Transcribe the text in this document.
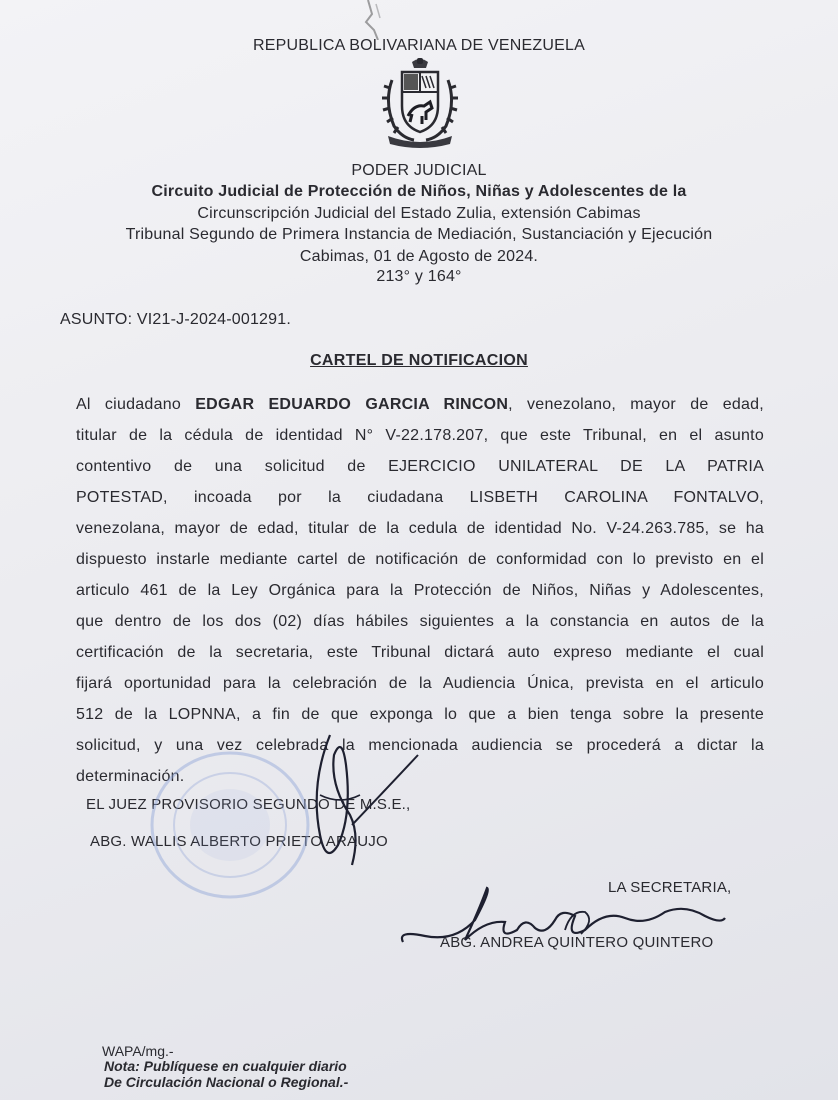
REPUBLICA BOLIVARIANA DE VENEZUELA
PODER JUDICIAL
Circuito Judicial de Protección de Niños, Niñas y Adolescentes de la
Circunscripción Judicial del Estado Zulia, extensión Cabimas
Tribunal Segundo de Primera Instancia de Mediación, Sustanciación y Ejecución
Cabimas, 01 de Agosto de 2024.
213° y 164°
ASUNTO: VI21-J-2024-001291.
CARTEL DE NOTIFICACION
Al ciudadano EDGAR EDUARDO GARCIA RINCON, venezolano, mayor de edad,
titular de la cédula de identidad N° V-22.178.207, que este Tribunal, en el asunto
contentivo de una solicitud de EJERCICIO UNILATERAL DE LA PATRIA
POTESTAD, incoada por la ciudadana LISBETH CAROLINA FONTALVO,
venezolana, mayor de edad, titular de la cedula de identidad No. V-24.263.785, se ha
dispuesto instarle mediante cartel de notificación de conformidad con lo previsto en el
articulo 461 de la Ley Orgánica para la Protección de Niños, Niñas y Adolescentes,
que dentro de los dos (02) días hábiles siguientes a la constancia en autos de la
certificación de la secretaria, este Tribunal dictará auto expreso mediante el cual
fijará oportunidad para la celebración de la Audiencia Única, prevista en el articulo
512 de la LOPNNA, a fin de que exponga lo que a bien tenga sobre la presente
solicitud, y una vez celebrada la mencionada audiencia se procederá a dictar la
determinación.
EL JUEZ PROVISORIO SEGUNDO DE M.S.E.,
ABG. WALLIS ALBERTO PRIETO ARAUJO
LA SECRETARIA,
ABG. ANDREA QUINTERO QUINTERO
WAPA/mg.-
Nota: Publíquese en cualquier diario
De Circulación Nacional o Regional.-
